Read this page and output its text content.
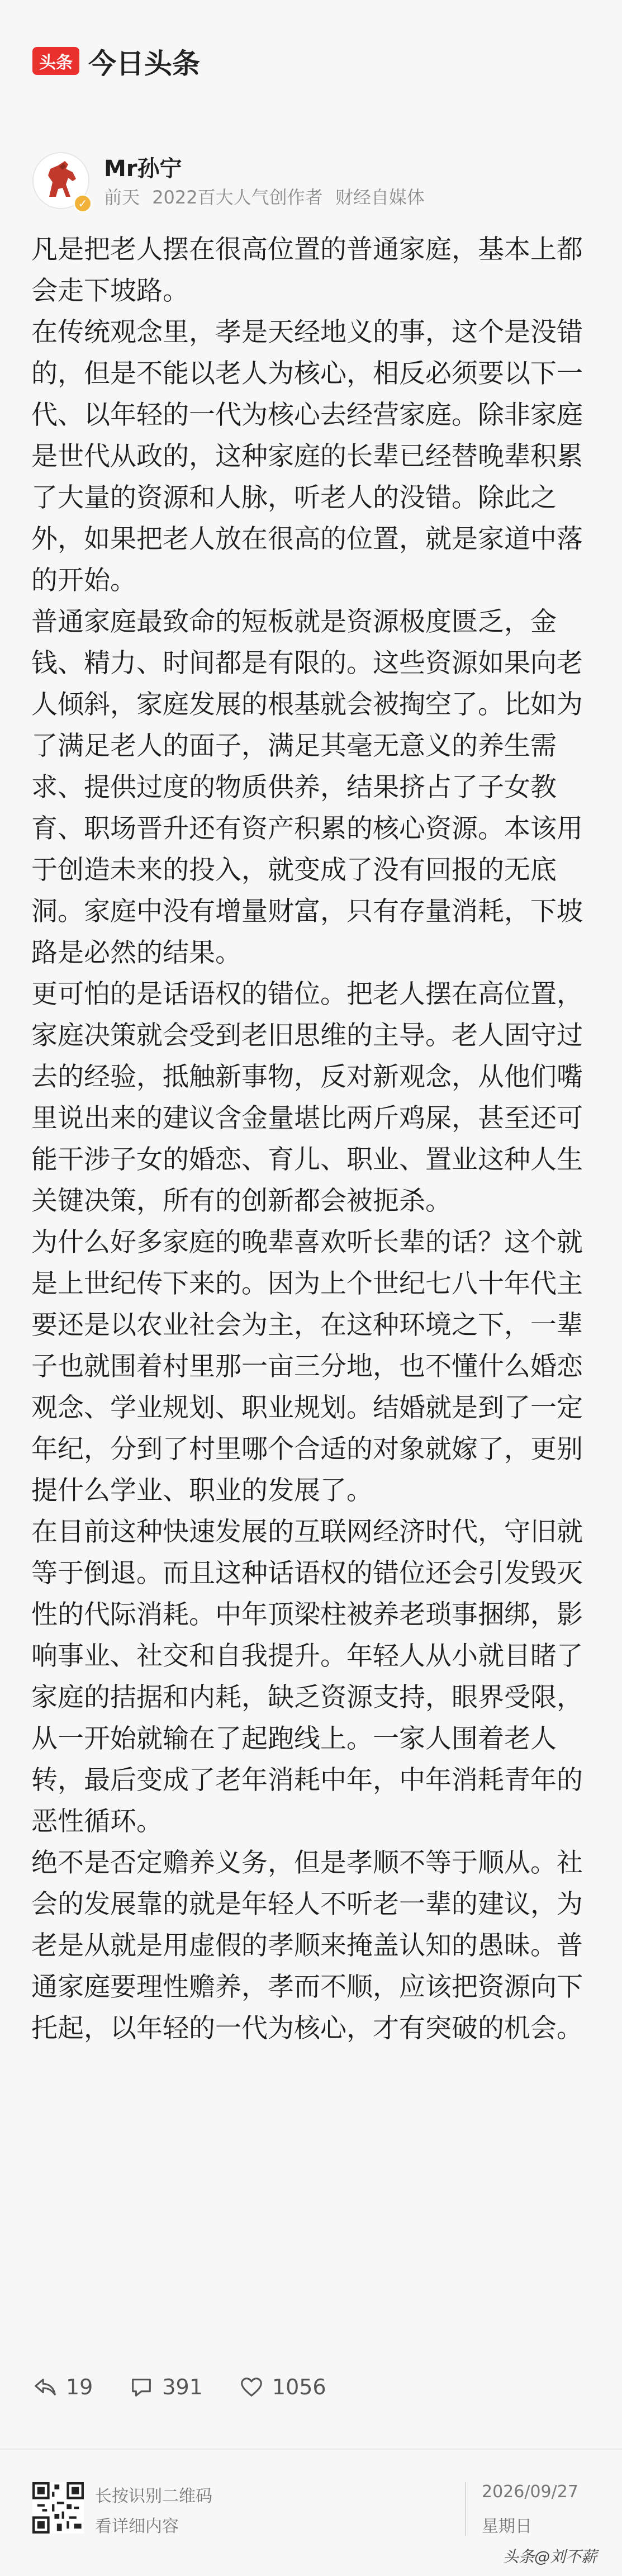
头条 今日头条
✓
Mr孙宁
前天 2022百大人气创作者 财经自媒体

凡是把老人摆在很高位置的普通家庭，基本上都会走下坡路。

在传统观念里，孝是天经地义的事，这个是没错的，但是不能以老人为核心，相反必须要以下一代、以年轻的一代为核心去经营家庭。除非家庭是世代从政的，这种家庭的长辈已经替晚辈积累了大量的资源和人脉，听老人的没错。除此之外，如果把老人放在很高的位置，就是家道中落的开始。

普通家庭最致命的短板就是资源极度匮乏，金钱、精力、时间都是有限的。这些资源如果向老人倾斜，家庭发展的根基就会被掏空了。比如为了满足老人的面子，满足其毫无意义的养生需求、提供过度的物质供养，结果挤占了子女教育、职场晋升还有资产积累的核心资源。本该用于创造未来的投入，就变成了没有回报的无底洞。家庭中没有增量财富，只有存量消耗，下坡路是必然的结果。

更可怕的是话语权的错位。把老人摆在高位置，家庭决策就会受到老旧思维的主导。老人固守过去的经验，抵触新事物，反对新观念，从他们嘴里说出来的建议含金量堪比两斤鸡屎，甚至还可能干涉子女的婚恋、育儿、职业、置业这种人生关键决策，所有的创新都会被扼杀。

为什么好多家庭的晚辈喜欢听长辈的话？这个就是上世纪传下来的。因为上个世纪七八十年代主要还是以农业社会为主，在这种环境之下，一辈子也就围着村里那一亩三分地，也不懂什么婚恋观念、学业规划、职业规划。结婚就是到了一定年纪，分到了村里哪个合适的对象就嫁了，更别提什么学业、职业的发展了。

在目前这种快速发展的互联网经济时代，守旧就等于倒退。而且这种话语权的错位还会引发毁灭性的代际消耗。中年顶梁柱被养老琐事捆绑，影响事业、社交和自我提升。年轻人从小就目睹了家庭的拮据和内耗，缺乏资源支持，眼界受限，从一开始就输在了起跑线上。一家人围着老人转，最后变成了老年消耗中年，中年消耗青年的恶性循环。

绝不是否定赡养义务，但是孝顺不等于顺从。社会的发展靠的就是年轻人不听老一辈的建议，为老是从就是用虚假的孝顺来掩盖认知的愚昧。普通家庭要理性赡养，孝而不顺，应该把资源向下托起，以年轻的一代为核心，才有突破的机会。

19	391	1056
长按识别二维码
看详细内容
2026/09/27
星期日
头条@刘不薪
